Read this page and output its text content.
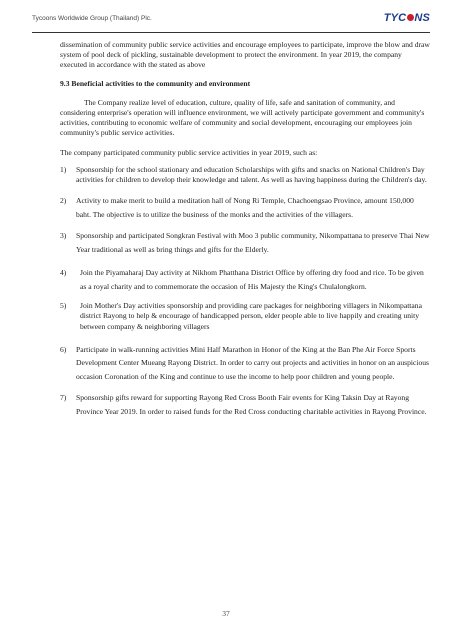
Tycoons Worldwide Group (Thailand) Plc.	TYC NS

dissemination of community public service activities and encourage employees to participate, improve the blow and draw system of pool deck of pickling, sustainable development to protect the environment. In year 2019, the company executed in accordance with the stated as above

9.3 Beneficial activities to the community and environment

The Company realize level of education, culture, quality of life, safe and sanitation of community, and considering enterprise's operation will influence environment, we will actively participate government and community's activities, contributing to economic welfare of community and social development, encouraging our employees join community's public service activities.

The company participated community public service activities in year 2019, such as:

1)	Sponsorship for the school stationary and education Scholarships with gifts and snacks on National Children's Day activities for children to develop their knowledge and talent. As well as having happiness during the Children's day.
2)	Activity to make merit to build a meditation hall of Nong Ri Temple, Chachoengsao Province, amount 150,000 baht. The objective is to utilize the business of the monks and the activities of the villagers.
3)	Sponsorship and participated Songkran Festival with Moo 3 public community, Nikompattana to preserve Thai New Year traditional as well as bring things and gifts for the Elderly.
4)	Join the Piyamaharaj Day activity at Nikhom Phatthana District Office by offering dry food and rice. To be given as a royal charity and to commemorate the occasion of His Majesty the King's Chulalongkorn.
5)	Join Mother's Day activities sponsorship and providing care packages for neighboring villagers in Nikompattana district Rayong to help & encourage of handicapped person, elder people able to live happily and creating unity between company & neighboring villagers
6)	Participate in walk-running activities Mini Half Marathon in Honor of the King at the Ban Phe Air Force Sports Development Center Mueang Rayong District. In order to carry out projects and activities in honor on an auspicious occasion Coronation of the King and continue to use the income to help poor children and young people.
7)	Sponsorship gifts reward for supporting Rayong Red Cross Booth Fair events for King Taksin Day at Rayong Province Year 2019. In order to raised funds for the Red Cross conducting charitable activities in Rayong Province.
37
